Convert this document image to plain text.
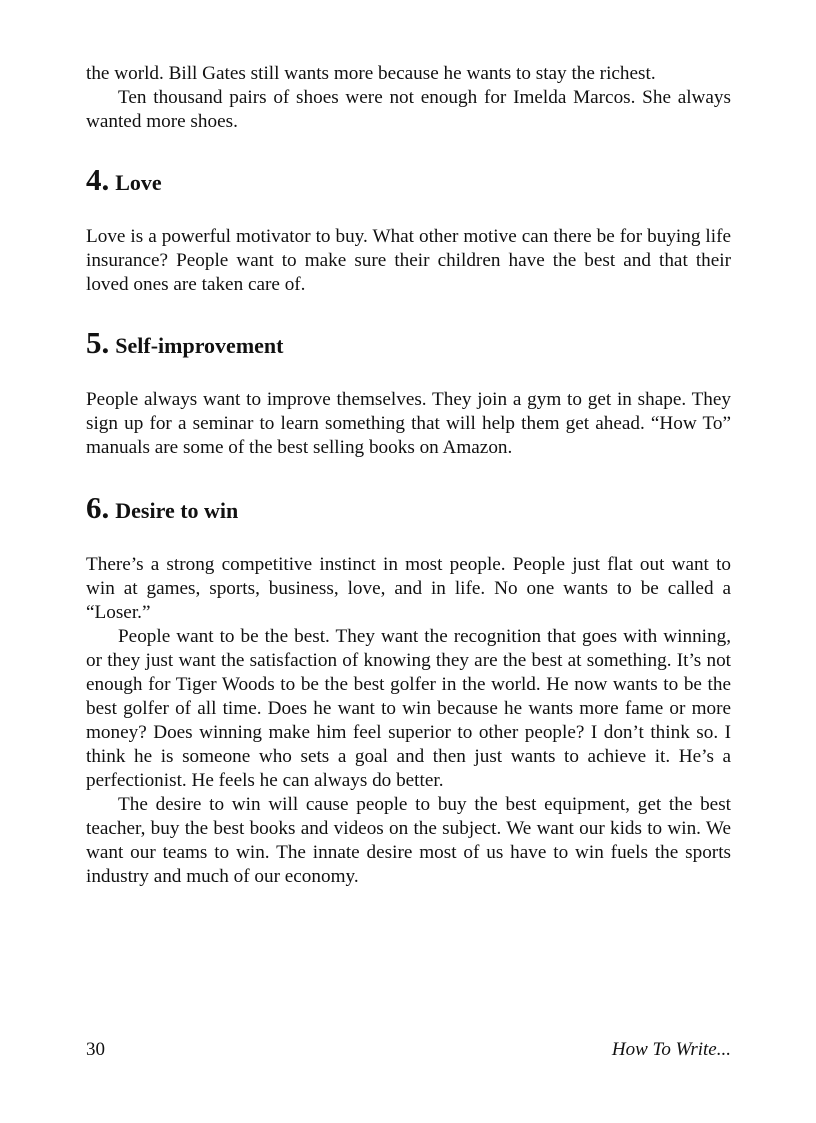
the world. Bill Gates still wants more because he wants to stay the richest.

Ten thousand pairs of shoes were not enough for Imelda Marcos. She always wanted more shoes.

4. Love

Love is a powerful motivator to buy. What other motive can there be for buying life insurance? People want to make sure their children have the best and that their loved ones are taken care of.

5. Self-improvement

People always want to improve themselves. They join a gym to get in shape. They sign up for a seminar to learn something that will help them get ahead. “How To” manuals are some of the best selling books on Amazon.

6. Desire to win

There’s a strong competitive instinct in most people. People just flat out want to win at games, sports, business, love, and in life. No one wants to be called a “Loser.”

People want to be the best. They want the recognition that goes with winning, or they just want the satisfaction of knowing they are the best at something. It’s not enough for Tiger Woods to be the best golfer in the world. He now wants to be the best golfer of all time. Does he want to win because he wants more fame or more money? Does winning make him feel superior to other people? I don’t think so. I think he is someone who sets a goal and then just wants to achieve it. He’s a perfectionist. He feels he can always do better.

The desire to win will cause people to buy the best equipment, get the best teacher, buy the best books and videos on the subject. We want our kids to win. We want our teams to win. The innate desire most of us have to win fuels the sports industry and much of our economy.

30	How To Write...
